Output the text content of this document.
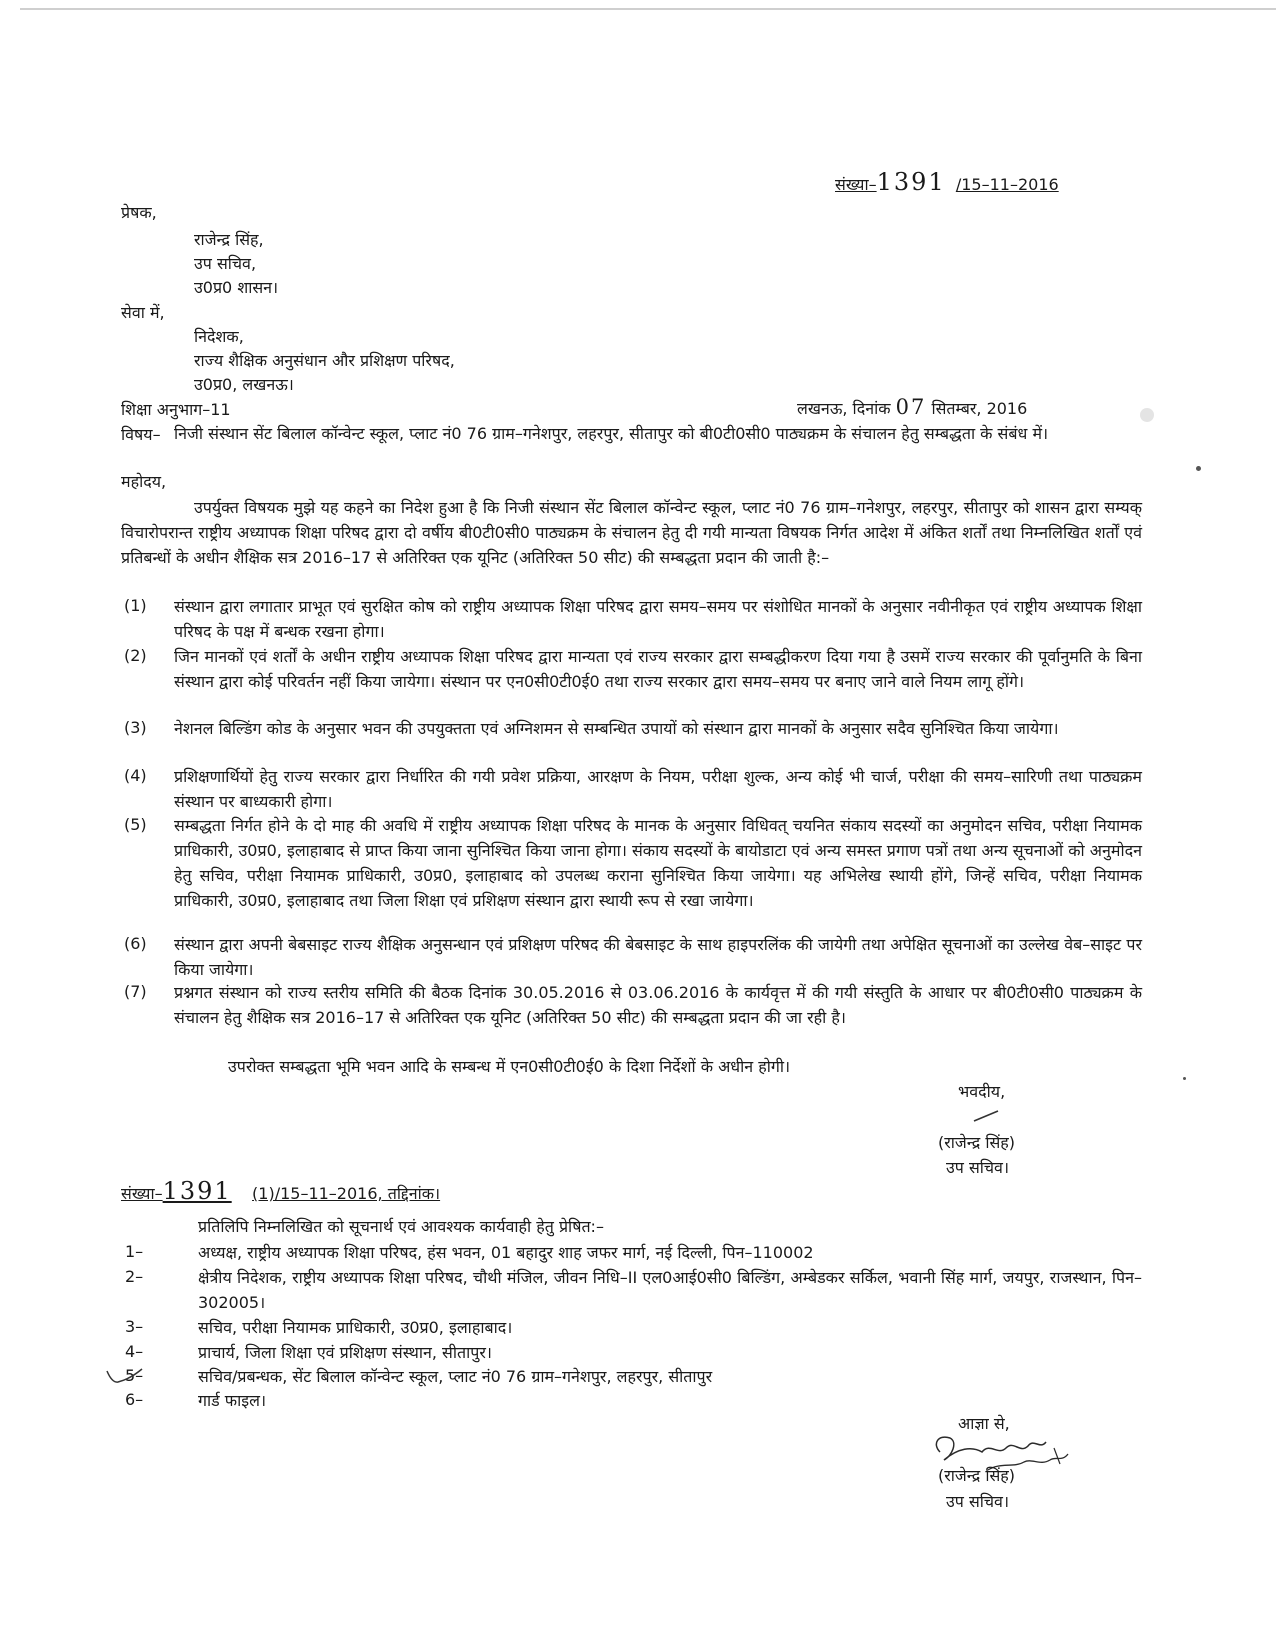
संख्या–1391 /15–11–2016
प्रेषक,
राजेन्द्र सिंह,
उप सचिव,
उ0प्र0 शासन।
सेवा में,
निदेशक,
राज्य शैक्षिक अनुसंधान और प्रशिक्षण परिषद,
उ0प्र0, लखनऊ।
शिक्षा अनुभाग–11	लखनऊ, दिनांक 07 सितम्बर, 2016
विषय– निजी संस्थान सेंट बिलाल कॉन्वेन्ट स्कूल, प्लाट नं0 76 ग्राम–गनेशपुर, लहरपुर, सीतापुर को बी0टी0सी0 पाठ्यक्रम के संचालन हेतु सम्बद्धता के संबंध में।
महोदय,
उपर्युक्त विषयक मुझे यह कहने का निदेश हुआ है कि निजी संस्थान सेंट बिलाल कॉन्वेन्ट स्कूल, प्लाट नं0 76 ग्राम–गनेशपुर, लहरपुर, सीतापुर को शासन द्वारा सम्यक् विचारोपरान्त राष्ट्रीय अध्यापक शिक्षा परिषद द्वारा दो वर्षीय बी0टी0सी0 पाठ्यक्रम के संचालन हेतु दी गयी मान्यता विषयक निर्गत आदेश में अंकित शर्तों तथा निम्नलिखित शर्तों एवं प्रतिबन्धों के अधीन शैक्षिक सत्र 2016–17 से अतिरिक्त एक यूनिट (अतिरिक्त 50 सीट) की सम्बद्धता प्रदान की जाती है:–
(1) संस्थान द्वारा लगातार प्राभूत एवं सुरक्षित कोष को राष्ट्रीय अध्यापक शिक्षा परिषद द्वारा समय–समय पर संशोधित मानकों के अनुसार नवीनीकृत एवं राष्ट्रीय अध्यापक शिक्षा परिषद के पक्ष में बन्धक रखना होगा।
(2) जिन मानकों एवं शर्तों के अधीन राष्ट्रीय अध्यापक शिक्षा परिषद द्वारा मान्यता एवं राज्य सरकार द्वारा सम्बद्धीकरण दिया गया है उसमें राज्य सरकार की पूर्वानुमति के बिना संस्थान द्वारा कोई परिवर्तन नहीं किया जायेगा। संस्थान पर एन0सी0टी0ई0 तथा राज्य सरकार द्वारा समय–समय पर बनाए जाने वाले नियम लागू होंगे।
(3) नेशनल बिल्डिंग कोड के अनुसार भवन की उपयुक्तता एवं अग्निशमन से सम्बन्धित उपायों को संस्थान द्वारा मानकों के अनुसार सदैव सुनिश्चित किया जायेगा।
(4) प्रशिक्षणार्थियों हेतु राज्य सरकार द्वारा निर्धारित की गयी प्रवेश प्रक्रिया, आरक्षण के नियम, परीक्षा शुल्क, अन्य कोई भी चार्ज, परीक्षा की समय–सारिणी तथा पाठ्यक्रम संस्थान पर बाध्यकारी होगा।
(5) सम्बद्धता निर्गत होने के दो माह की अवधि में राष्ट्रीय अध्यापक शिक्षा परिषद के मानक के अनुसार विधिवत् चयनित संकाय सदस्यों का अनुमोदन सचिव, परीक्षा नियामक प्राधिकारी, उ0प्र0, इलाहाबाद से प्राप्त किया जाना सुनिश्चित किया जाना होगा। संकाय सदस्यों के बायोडाटा एवं अन्य समस्त प्रगाण पत्रों तथा अन्य सूचनाओं को अनुमोदन हेतु सचिव, परीक्षा नियामक प्राधिकारी, उ0प्र0, इलाहाबाद को उपलब्ध कराना सुनिश्चित किया जायेगा। यह अभिलेख स्थायी होंगे, जिन्हें सचिव, परीक्षा नियामक प्राधिकारी, उ0प्र0, इलाहाबाद तथा जिला शिक्षा एवं प्रशिक्षण संस्थान द्वारा स्थायी रूप से रखा जायेगा।
(6) संस्थान द्वारा अपनी बेबसाइट राज्य शैक्षिक अनुसन्धान एवं प्रशिक्षण परिषद की बेबसाइट के साथ हाइपरलिंक की जायेगी तथा अपेक्षित सूचनाओं का उल्लेख वेब–साइट पर किया जायेगा।
(7) प्रश्नगत संस्थान को राज्य स्तरीय समिति की बैठक दिनांक 30.05.2016 से 03.06.2016 के कार्यवृत्त में की गयी संस्तुति के आधार पर बी0टी0सी0 पाठ्यक्रम के संचालन हेतु शैक्षिक सत्र 2016–17 से अतिरिक्त एक यूनिट (अतिरिक्त 50 सीट) की सम्बद्धता प्रदान की जा रही है।
उपरोक्त सम्बद्धता भूमि भवन आदि के सम्बन्ध में एन0सी0टी0ई0 के दिशा निर्देशों के अधीन होगी।
भवदीय,
(राजेन्द्र सिंह)
उप सचिव।
संख्या–1391 (1)/15–11–2016, तद्दिनांक।
प्रतिलिपि निम्नलिखित को सूचनार्थ एवं आवश्यक कार्यवाही हेतु प्रेषित:–
1–	अध्यक्ष, राष्ट्रीय अध्यापक शिक्षा परिषद, हंस भवन, 01 बहादुर शाह जफर मार्ग, नई दिल्ली, पिन–110002
2–	क्षेत्रीय निदेशक, राष्ट्रीय अध्यापक शिक्षा परिषद, चौथी मंजिल, जीवन निधि–II एल0आई0सी0 बिल्डिंग, अम्बेडकर सर्किल, भवानी सिंह मार्ग, जयपुर, राजस्थान, पिन–302005।
3–	सचिव, परीक्षा नियामक प्राधिकारी, उ0प्र0, इलाहाबाद।
4–	प्राचार्य, जिला शिक्षा एवं प्रशिक्षण संस्थान, सीतापुर।
5–	सचिव/प्रबन्धक, सेंट बिलाल कॉन्वेन्ट स्कूल, प्लाट नं0 76 ग्राम–गनेशपुर, लहरपुर, सीतापुर
6–	गार्ड फाइल।
आज्ञा से,
(राजेन्द्र सिंह)
उप सचिव।
